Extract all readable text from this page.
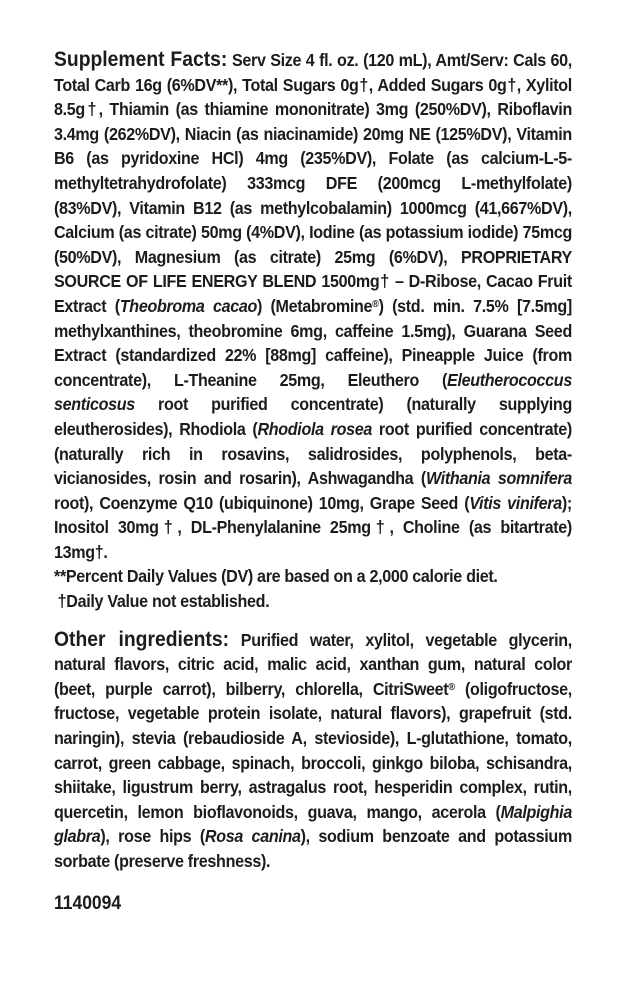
Supplement Facts: Serv Size 4 fl. oz. (120 mL), Amt/Serv: Cals 60, Total Carb 16g (6%DV**), Total Sugars 0g†, Added Sugars 0g†, Xylitol 8.5g†, Thiamin (as thiamine mononitrate) 3mg (250%DV), Riboflavin 3.4mg (262%DV), Niacin (as niacinamide) 20mg NE (125%DV), Vitamin B6 (as pyridoxine HCl) 4mg (235%DV), Folate (as calcium-L-5-methyltetrahydrofolate) 333mcg DFE (200mcg L-methylfolate) (83%DV), Vitamin B12 (as methylcobalamin) 1000mcg (41,667%DV), Calcium (as citrate) 50mg (4%DV), Iodine (as potassium iodide) 75mcg (50%DV), Magnesium (as citrate) 25mg (6%DV), PROPRIETARY SOURCE OF LIFE ENERGY BLEND 1500mg† – D-Ribose, Cacao Fruit Extract (Theobroma cacao) (Metabromine®) (std. min. 7.5% [7.5mg] methylxanthines, theobromine 6mg, caffeine 1.5mg), Guarana Seed Extract (standardized 22% [88mg] caffeine), Pineapple Juice (from concentrate), L-Theanine 25mg, Eleuthero (Eleutherococcus senticosus root purified concentrate) (naturally supplying eleutherosides), Rhodiola (Rhodiola rosea root purified concentrate) (naturally rich in rosavins, salidrosides, polyphenols, beta-vicianosides, rosin and rosarin), Ashwagandha (Withania somnifera root), Coenzyme Q10 (ubiquinone) 10mg, Grape Seed (Vitis vinifera); Inositol 30mg†, DL-Phenylalanine 25mg†, Choline (as bitartrate) 13mg†.

**Percent Daily Values (DV) are based on a 2,000 calorie diet.

†Daily Value not established.

Other ingredients: Purified water, xylitol, vegetable glycerin, natural flavors, citric acid, malic acid, xanthan gum, natural color (beet, purple carrot), bilberry, chlorella, CitriSweet® (oligofructose, fructose, vegetable protein isolate, natural flavors), grapefruit (std. naringin), stevia (rebaudioside A, stevioside), L-glutathione, tomato, carrot, green cabbage, spinach, broccoli, ginkgo biloba, schisandra, shiitake, ligustrum berry, astragalus root, hesperidin complex, rutin, quercetin, lemon bioflavonoids, guava, mango, acerola (Malpighia glabra), rose hips (Rosa canina), sodium benzoate and potassium sorbate (preserve freshness).

1140094
